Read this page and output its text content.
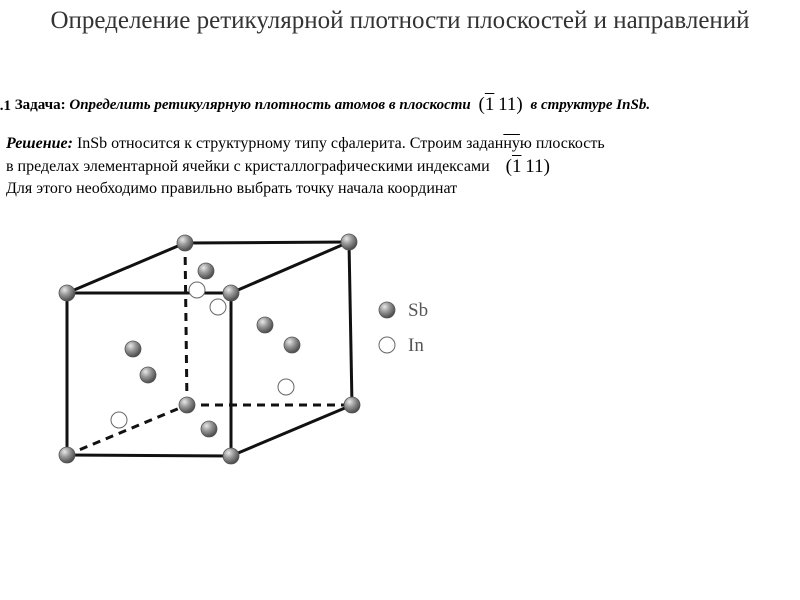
Определение ретикулярной плотности плоскостей и направлений
1. Задача: Определить ретикулярную плотность атомов в плоскости (1  11) в структуре InSb.
Решение: InSb относится к структурному типу сфалерита. Строим заданную плоскость
в пределах элементарной ячейки с кристаллографическими индексами (1  11)
Для этого необходимо правильно выбрать точку начала координат
Sb
In
